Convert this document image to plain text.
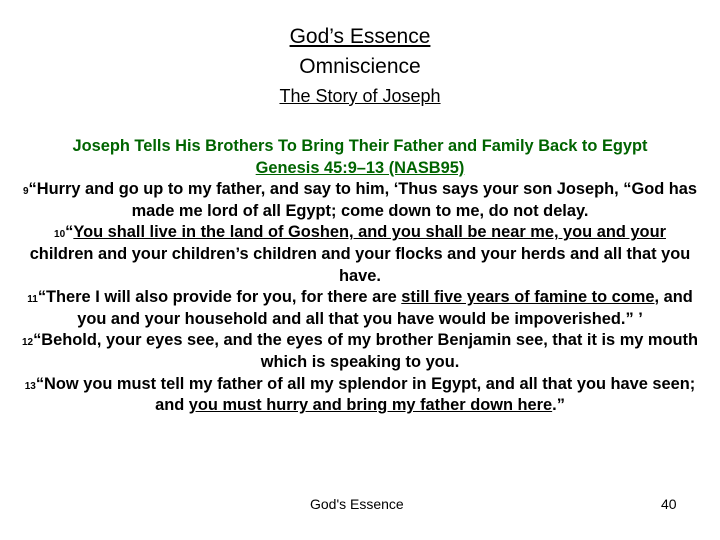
God’s Essence
Omniscience
The Story of Joseph

Joseph Tells His Brothers To Bring Their Father and Family Back to Egypt

Genesis 45:9–13 (NASB95)

$^9$“Hurry and go up to my father, and say to him, ‘Thus says your son Joseph, “God has made me lord of all Egypt; come down to me, do not delay.

$^{10}$“You shall live in the land of Goshen, and you shall be near me, you and your children and your children’s children and your flocks and your herds and all that you have.

$^{11}$“There I will also provide for you, for there are still five years of famine to come, and you and your household and all that you have would be impoverished.” ’

$^{12}$“Behold, your eyes see, and the eyes of my brother Benjamin see, that it is my mouth which is speaking to you.

$^{13}$“Now you must tell my father of all my splendor in Egypt, and all that you have seen; and you must hurry and bring my father down here.”

God's Essence	40
